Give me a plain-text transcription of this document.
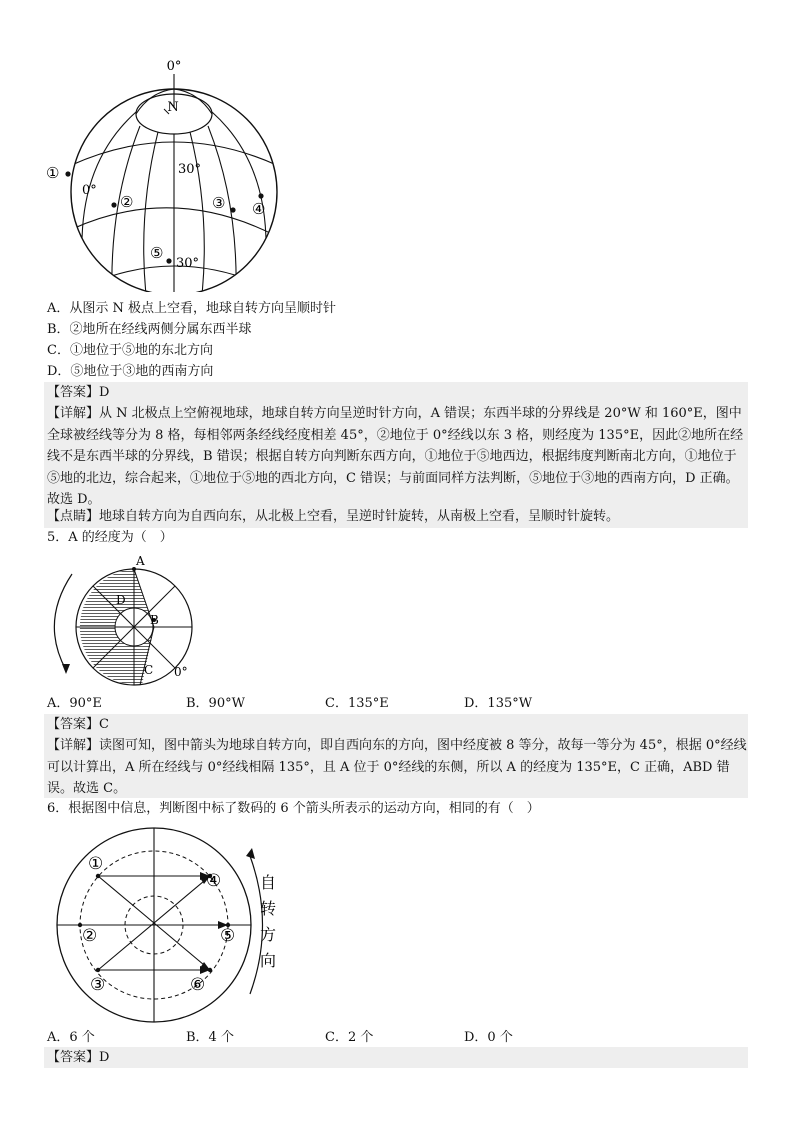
0°
N
30°
0°
30°
①
②	③ ④
⑤
A．从图示 N 极点上空看，地球自转方向呈顺时针
B．②地所在经线两侧分属东西半球
C．①地位于⑤地的东北方向
D．⑤地位于③地的西南方向
【答案】D
【详解】从 N 北极点上空俯视地球，地球自转方向呈逆时针方向，A 错误；东西半球的分界线是 20°W 和 160°E，图中全球被经线等分为 8 格，每相邻两条经线经度相差 45°，②地位于 0°经线以东 3 格，则经度为 135°E，因此②地所在经线不是东西半球的分界线，B 错误；根据自转方向判断东西方向，①地位于⑤地西边，根据纬度判断南北方向，①地位于⑤地的北边，综合起来，①地位于⑤地的西北方向，C 错误；与前面同样方法判断，⑤地位于③地的西南方向，D 正确。故选 D。
【点睛】地球自转方向为自西向东，从北极上空看，呈逆时针旋转，从南极上空看，呈顺时针旋转。
5．A 的经度为（　）
A
B
C
D
0°
A．90°E	B．90°W	C．135°E	D．135°W
【答案】C
【详解】读图可知，图中箭头为地球自转方向，即自西向东的方向，图中经度被 8 等分，故每一等分为 45°，根据 0°经线可以计算出，A 所在经线与 0°经线相隔 135°，且 A 位于 0°经线的东侧，所以 A 的经度为 135°E，C 正确，ABD 错误。故选 C。
6．根据图中信息，判断图中标了数码的 6 个箭头所表示的运动方向，相同的有（　）
①
②
③
④
⑤
⑥
自
转
方
向
A．6 个	B．4 个	C．2 个	D．0 个
【答案】D
